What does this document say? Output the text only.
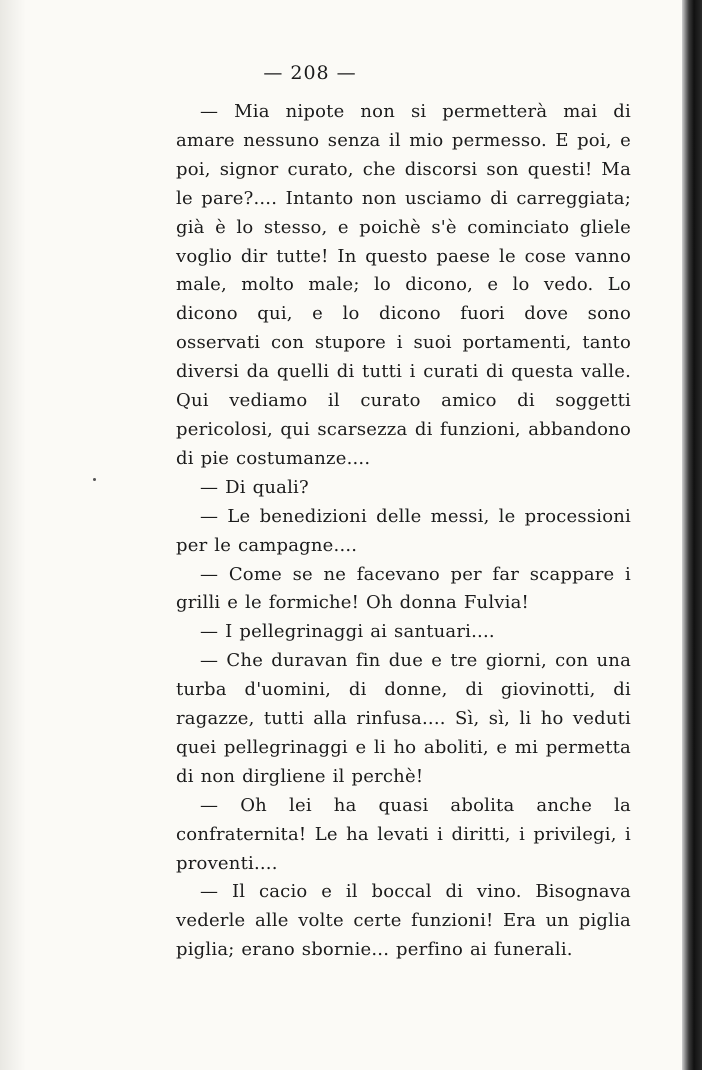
— 208 —

— Mia nipote non si permetterà mai di amare nessuno senza il mio permesso. E poi, e poi, signor curato, che discorsi son questi! Ma le pare?.... Intanto non usciamo di carreggiata; già è lo stesso, e poichè s'è cominciato gliele voglio dir tutte! In questo paese le cose vanno male, molto male; lo dicono, e lo vedo. Lo dicono qui, e lo dicono fuori dove sono osservati con stupore i suoi portamenti, tanto diversi da quelli di tutti i curati di questa valle. Qui vediamo il curato amico di soggetti pericolosi, qui scarsezza di funzioni, abbandono di pie costumanze....

— Di quali?

— Le benedizioni delle messi, le processioni per le campagne....

— Come se ne facevano per far scappare i grilli e le formiche! Oh donna Fulvia!

— I pellegrinaggi ai santuari....

— Che duravan fin due e tre giorni, con una turba d'uomini, di donne, di giovinotti, di ragazze, tutti alla rinfusa.... Sì, sì, li ho veduti quei pellegrinaggi e li ho aboliti, e mi permetta di non dirgliene il perchè!

— Oh lei ha quasi abolita anche la confraternita! Le ha levati i diritti, i privilegi, i proventi....

— Il cacio e il boccal di vino. Bisognava vederle alle volte certe funzioni! Era un piglia piglia; erano sbornie... perfino ai funerali.
